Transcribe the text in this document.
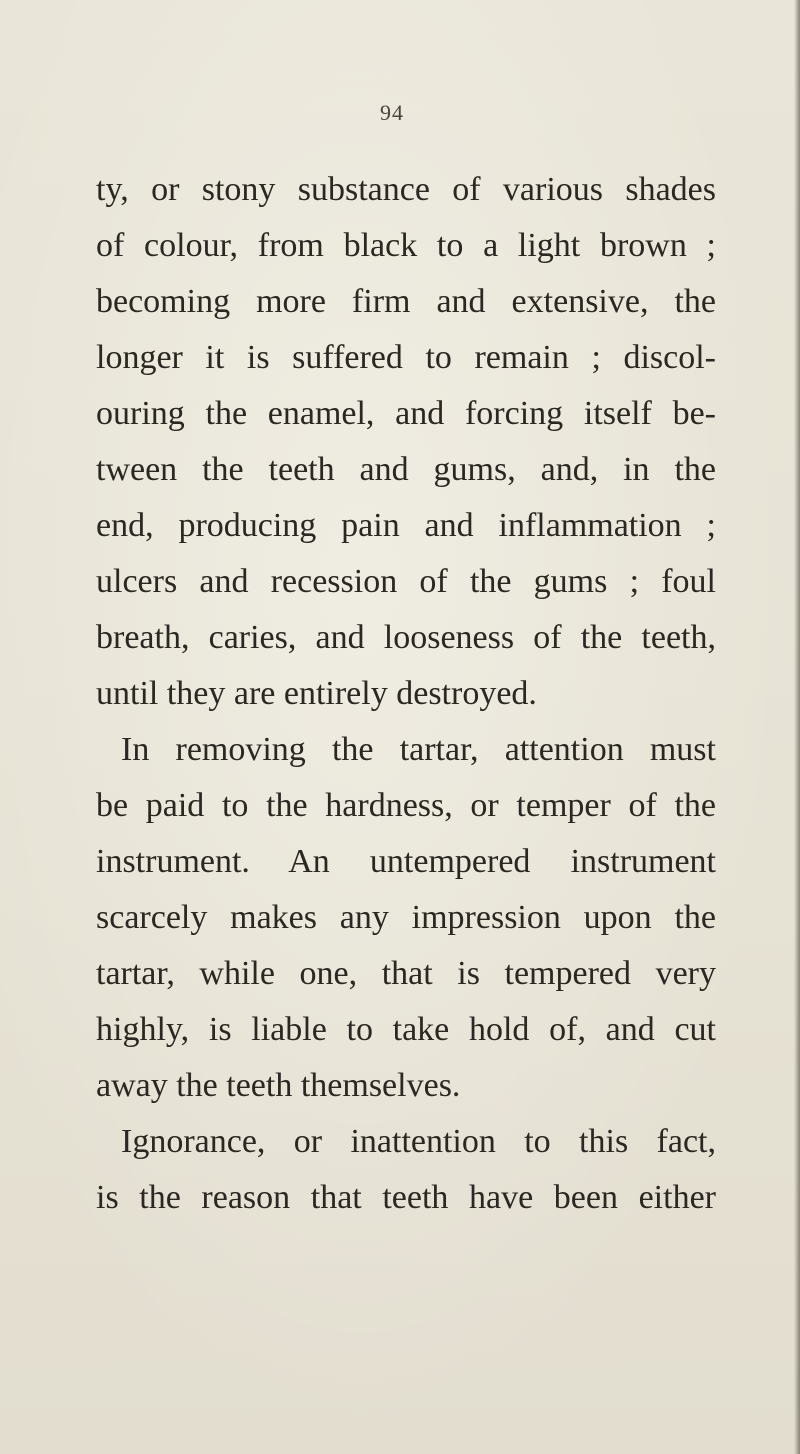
94
ty, or stony substance of various shades
of colour, from black to a light brown ;
becoming more firm and extensive, the
longer it is suffered to remain ; discol-
ouring the enamel, and forcing itself be-
tween the teeth and gums, and, in the
end, producing pain and inflammation ;
ulcers and recession of the gums ; foul
breath, caries, and looseness of the teeth,
until they are entirely destroyed.
In removing the tartar, attention must
be paid to the hardness, or temper of the
instrument. An untempered instrument
scarcely makes any impression upon the
tartar, while one, that is tempered very
highly, is liable to take hold of, and cut
away the teeth themselves.
Ignorance, or inattention to this fact,
is the reason that teeth have been either
